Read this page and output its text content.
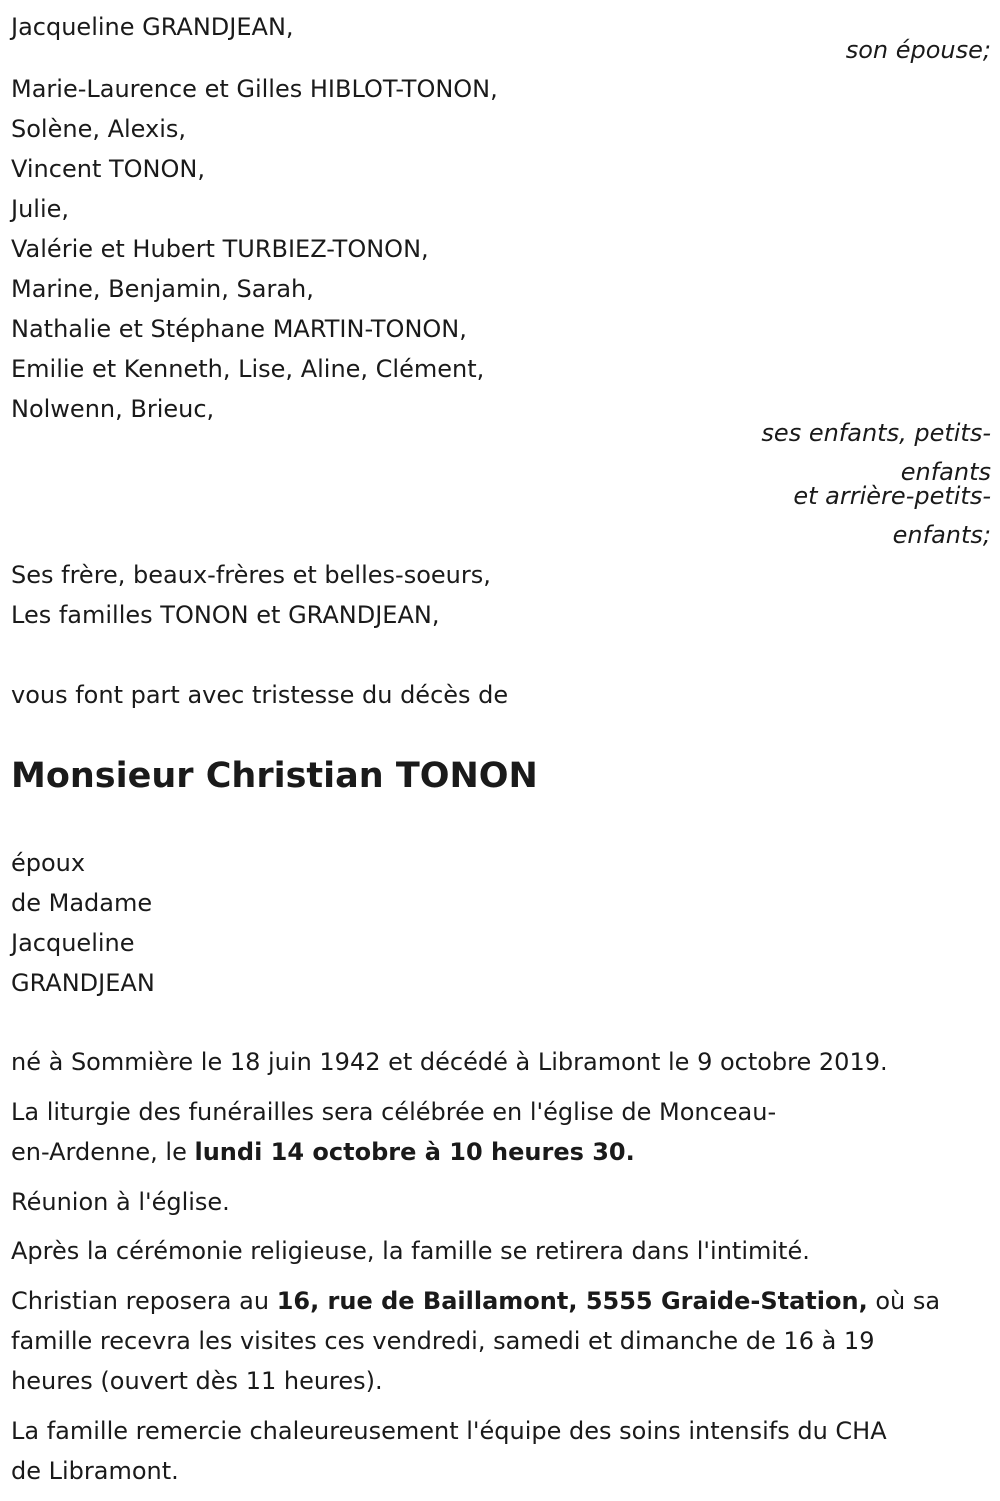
Jacqueline GRANDJEAN,
son épouse;
Marie-Laurence et Gilles HIBLOT-TONON,
Solène, Alexis,
Vincent TONON,
Julie,
Valérie et Hubert TURBIEZ-TONON,
Marine, Benjamin, Sarah,
Nathalie et Stéphane MARTIN-TONON,
Emilie et Kenneth, Lise, Aline, Clément,
Nolwenn, Brieuc,
ses enfants, petits-
enfants
et arrière-petits-
enfants;
Ses frère, beaux-frères et belles-soeurs,
Les familles TONON et GRANDJEAN,
vous font part avec tristesse du décès de
Monsieur Christian TONON
époux
de Madame
Jacqueline
GRANDJEAN
né à Sommière le 18 juin 1942 et décédé à Libramont le 9 octobre 2019.
La liturgie des funérailles sera célébrée en l'église de Monceau-
en-Ardenne, le lundi 14 octobre à 10 heures 30.
Réunion à l'église.
Après la cérémonie religieuse, la famille se retirera dans l'intimité.
Christian reposera au 16, rue de Baillamont, 5555 Graide-Station, où sa
famille recevra les visites ces vendredi, samedi et dimanche de 16 à 19
heures (ouvert dès 11 heures).
La famille remercie chaleureusement l'équipe des soins intensifs du CHA
de Libramont.
